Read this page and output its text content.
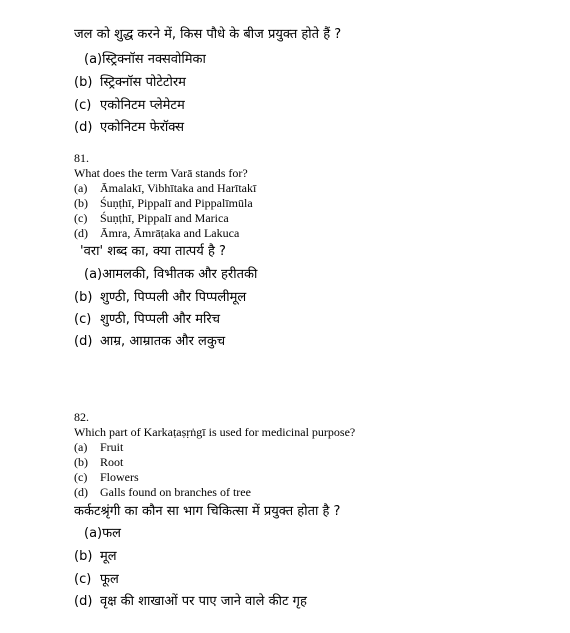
जल को शुद्ध करने में, किस पौधे के बीज प्रयुक्त होते हैं ?
(a)स्ट्रिक्नॉस नक्सवोमिका
(b) स्ट्रिक्नॉस पोटेटोरम
(c) एकोनिटम प्लेमेटम
(d) एकोनिटम फेरॉक्स
81.
What does the term Varā stands for?
(a) Āmalakī, Vibhītaka and Harītakī
(b) Śuṇṭhī, Pippalī and Pippalīmūla
(c) Śuṇṭhī, Pippalī and Marica
(d) Āmra, Āmrāṭaka and Lakuca
'वरा' शब्द का, क्या तात्पर्य है ?
(a)आमलकी, विभीतक और हरीतकी
(b) शुण्ठी, पिप्पली और पिप्पलीमूल
(c) शुण्ठी, पिप्पली और मरिच
(d) आम्र, आम्रातक और लकुच
82.
Which part of Karkaṭaṣṛṅgī is used for medicinal purpose?
(a) Fruit
(b) Root
(c) Flowers
(d) Galls found on branches of tree
कर्कटश्रृंगी का कौन सा भाग चिकित्सा में प्रयुक्त होता है ?
(a)फल
(b) मूल
(c) फूल
(d) वृक्ष की शाखाओं पर पाए जाने वाले कीट गृह
